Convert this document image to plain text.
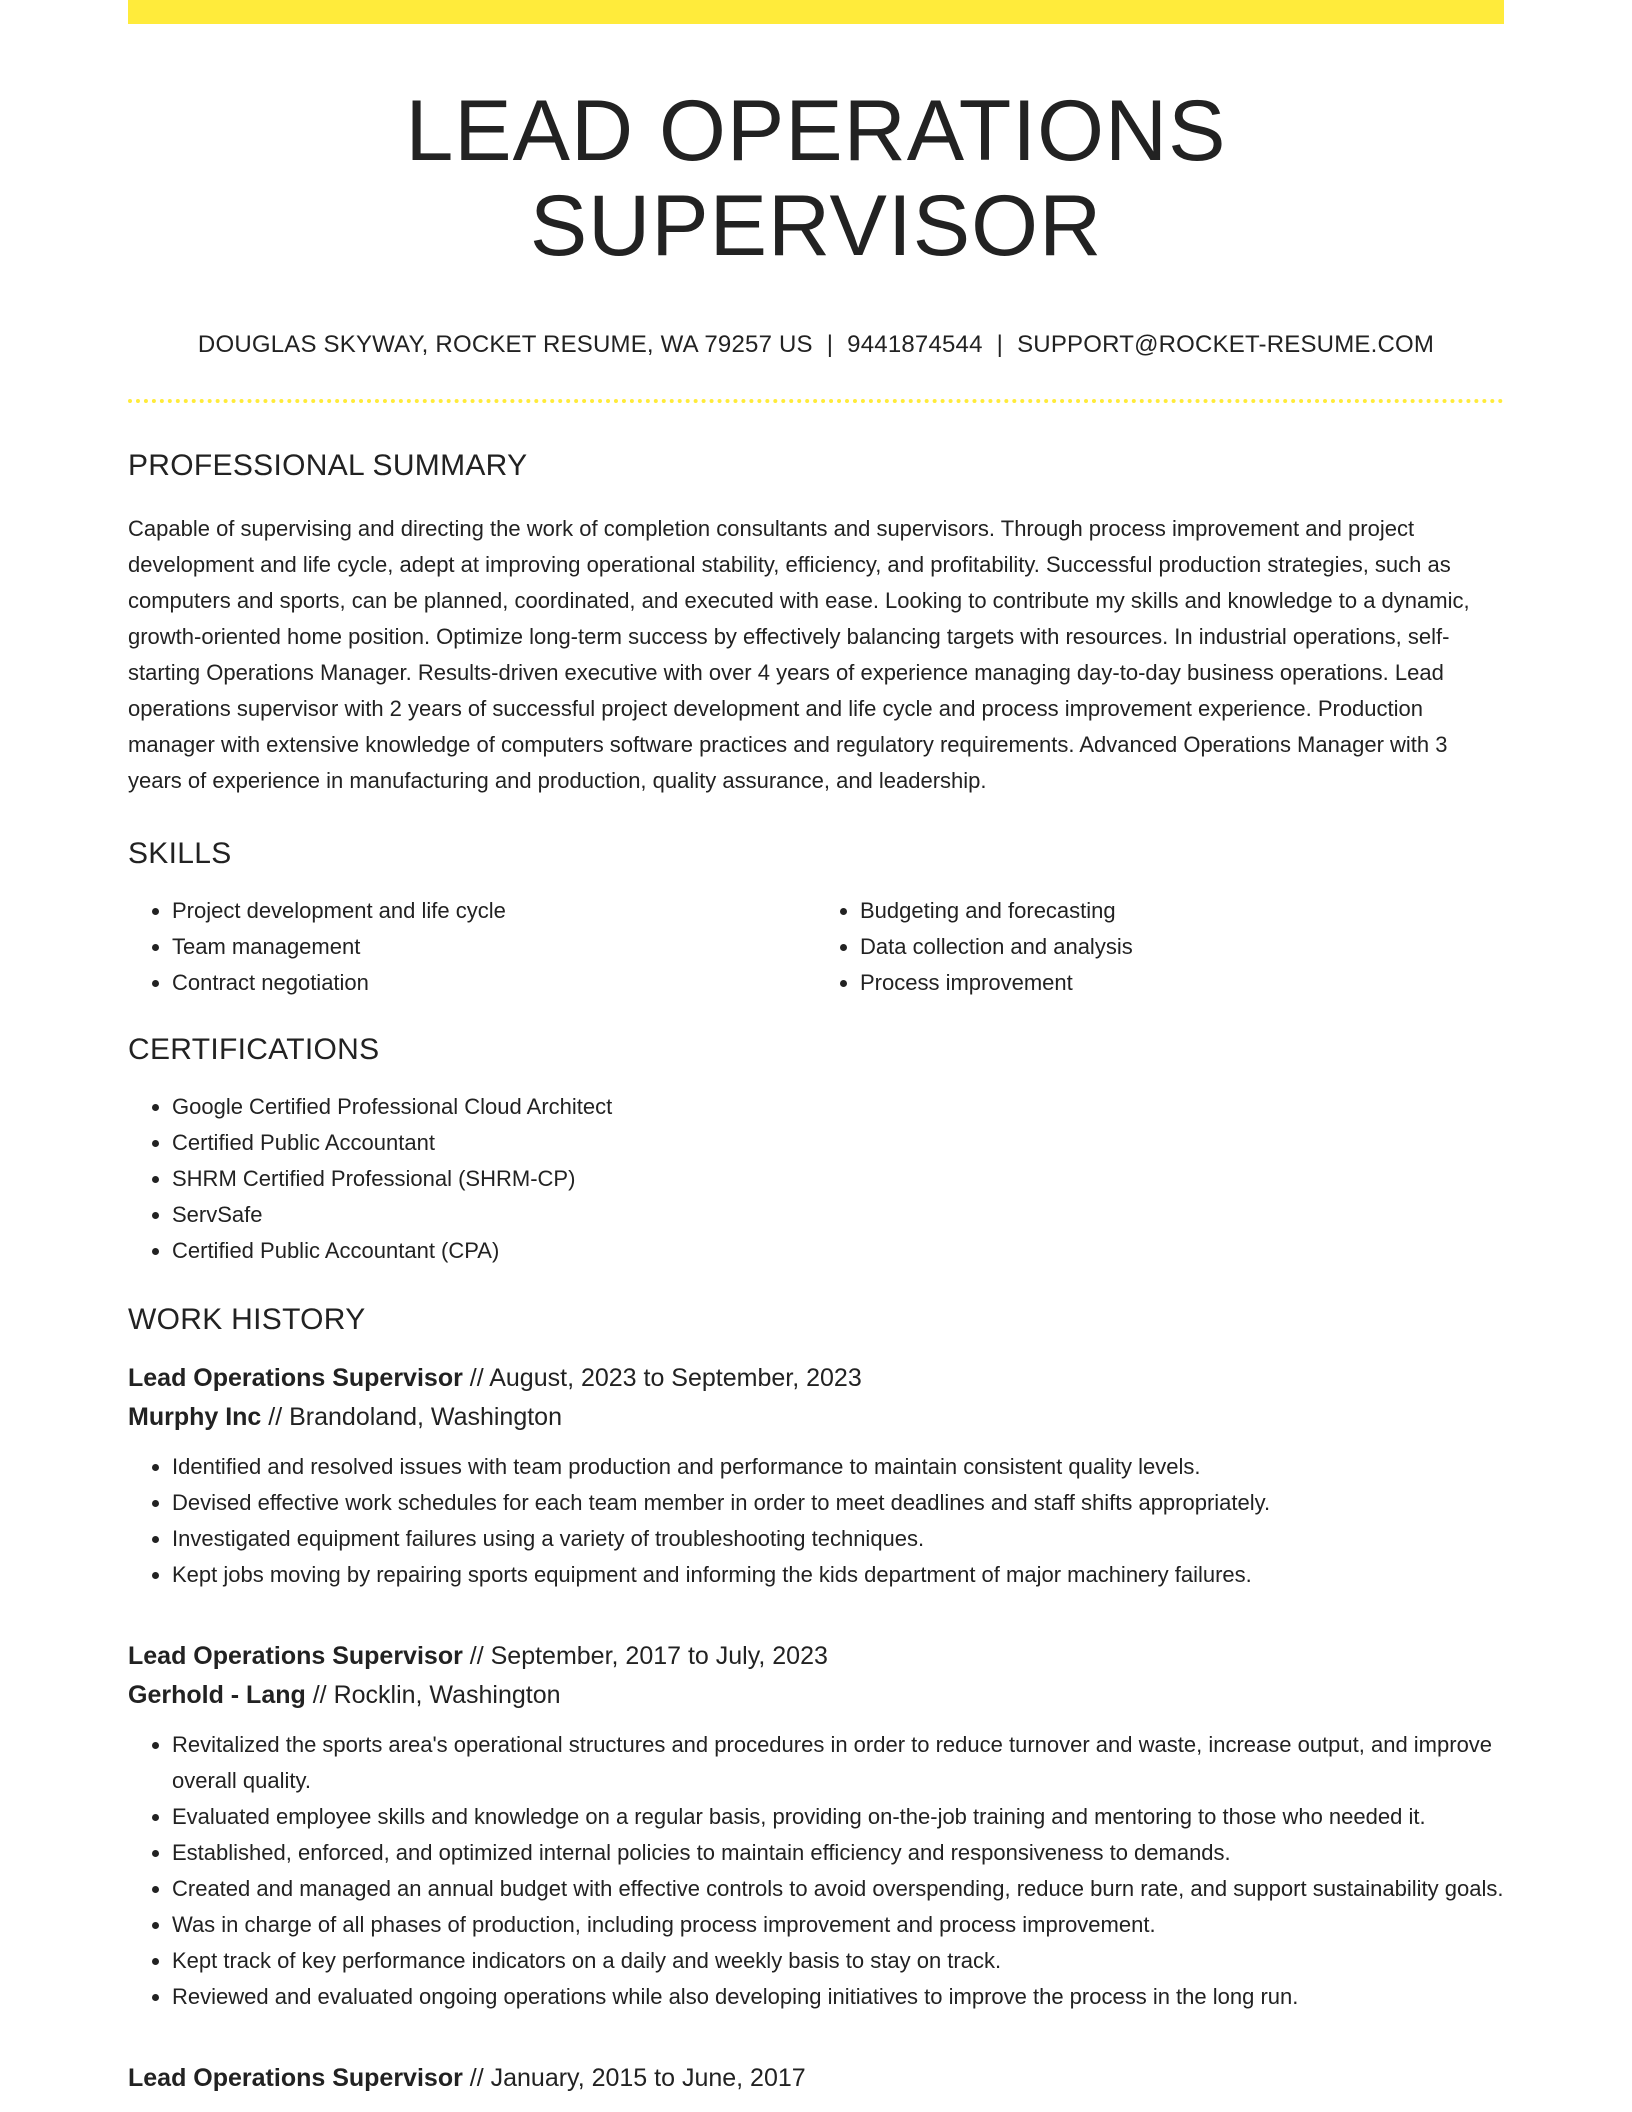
LEAD OPERATIONS SUPERVISOR
DOUGLAS SKYWAY, ROCKET RESUME, WA 79257 US | 9441874544 | SUPPORT@ROCKET-RESUME.COM
PROFESSIONAL SUMMARY
Capable of supervising and directing the work of completion consultants and supervisors. Through process improvement and project development and life cycle, adept at improving operational stability, efficiency, and profitability. Successful production strategies, such as computers and sports, can be planned, coordinated, and executed with ease. Looking to contribute my skills and knowledge to a dynamic, growth-oriented home position. Optimize long-term success by effectively balancing targets with resources. In industrial operations, self-starting Operations Manager. Results-driven executive with over 4 years of experience managing day-to-day business operations. Lead operations supervisor with 2 years of successful project development and life cycle and process improvement experience. Production manager with extensive knowledge of computers software practices and regulatory requirements. Advanced Operations Manager with 3 years of experience in manufacturing and production, quality assurance, and leadership.
SKILLS
• Project development and life cycle
• Team management
• Contract negotiation
• Budgeting and forecasting
• Data collection and analysis
• Process improvement
CERTIFICATIONS
• Google Certified Professional Cloud Architect
• Certified Public Accountant
• SHRM Certified Professional (SHRM-CP)
• ServSafe
• Certified Public Accountant (CPA)
WORK HISTORY
Lead Operations Supervisor // August, 2023 to September, 2023
Murphy Inc // Brandoland, Washington
• Identified and resolved issues with team production and performance to maintain consistent quality levels.
• Devised effective work schedules for each team member in order to meet deadlines and staff shifts appropriately.
• Investigated equipment failures using a variety of troubleshooting techniques.
• Kept jobs moving by repairing sports equipment and informing the kids department of major machinery failures.
Lead Operations Supervisor // September, 2017 to July, 2023
Gerhold - Lang // Rocklin, Washington
• Revitalized the sports area's operational structures and procedures in order to reduce turnover and waste, increase output, and improve overall quality.
• Evaluated employee skills and knowledge on a regular basis, providing on-the-job training and mentoring to those who needed it.
• Established, enforced, and optimized internal policies to maintain efficiency and responsiveness to demands.
• Created and managed an annual budget with effective controls to avoid overspending, reduce burn rate, and support sustainability goals.
• Was in charge of all phases of production, including process improvement and process improvement.
• Kept track of key performance indicators on a daily and weekly basis to stay on track.
• Reviewed and evaluated ongoing operations while also developing initiatives to improve the process in the long run.
Lead Operations Supervisor // January, 2015 to June, 2017
